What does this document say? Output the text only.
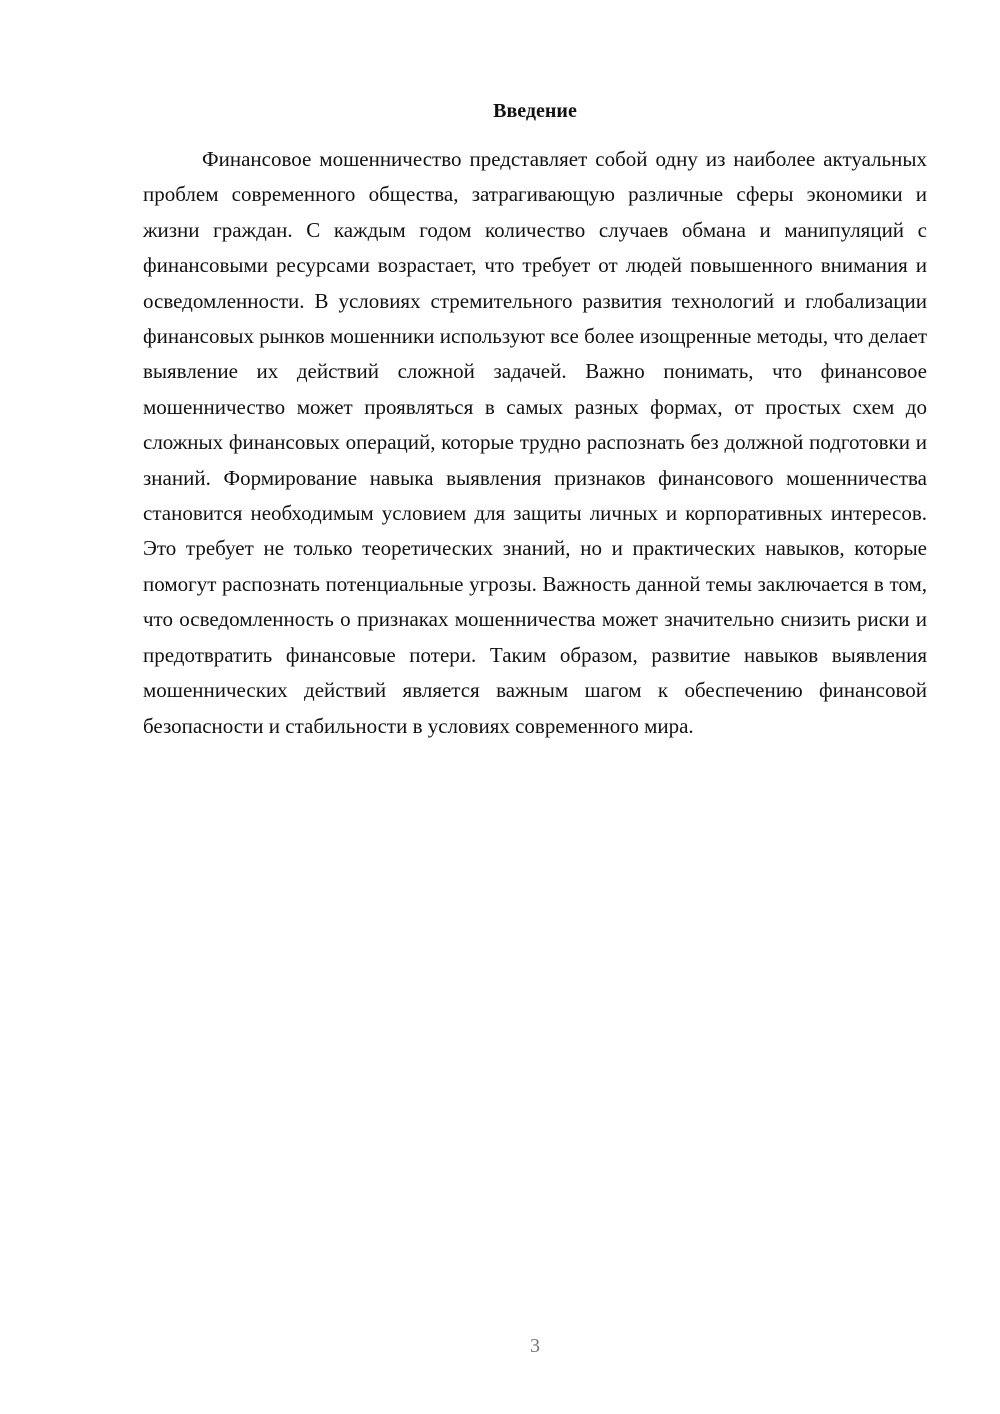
Введение

Финансовое мошенничество представляет собой одну из наиболее актуальных проблем современного общества, затрагивающую различные сферы экономики и жизни граждан. С каждым годом количество случаев обмана и манипуляций с финансовыми ресурсами возрастает, что требует от людей повышенного внимания и осведомленности. В условиях стремительного развития технологий и глобализации финансовых рынков мошенники используют все более изощренные методы, что делает выявление их действий сложной задачей. Важно понимать, что финансовое мошенничество может проявляться в самых разных формах, от простых схем до сложных финансовых операций, которые трудно распознать без должной подготовки и знаний. Формирование навыка выявления признаков финансового мошенничества становится необходимым условием для защиты личных и корпоративных интересов. Это требует не только теоретических знаний, но и практических навыков, которые помогут распознать потенциальные угрозы. Важность данной темы заключается в том, что осведомленность о признаках мошенничества может значительно снизить риски и предотвратить финансовые потери. Таким образом, развитие навыков выявления мошеннических действий является важным шагом к обеспечению финансовой безопасности и стабильности в условиях современного мира.

3
